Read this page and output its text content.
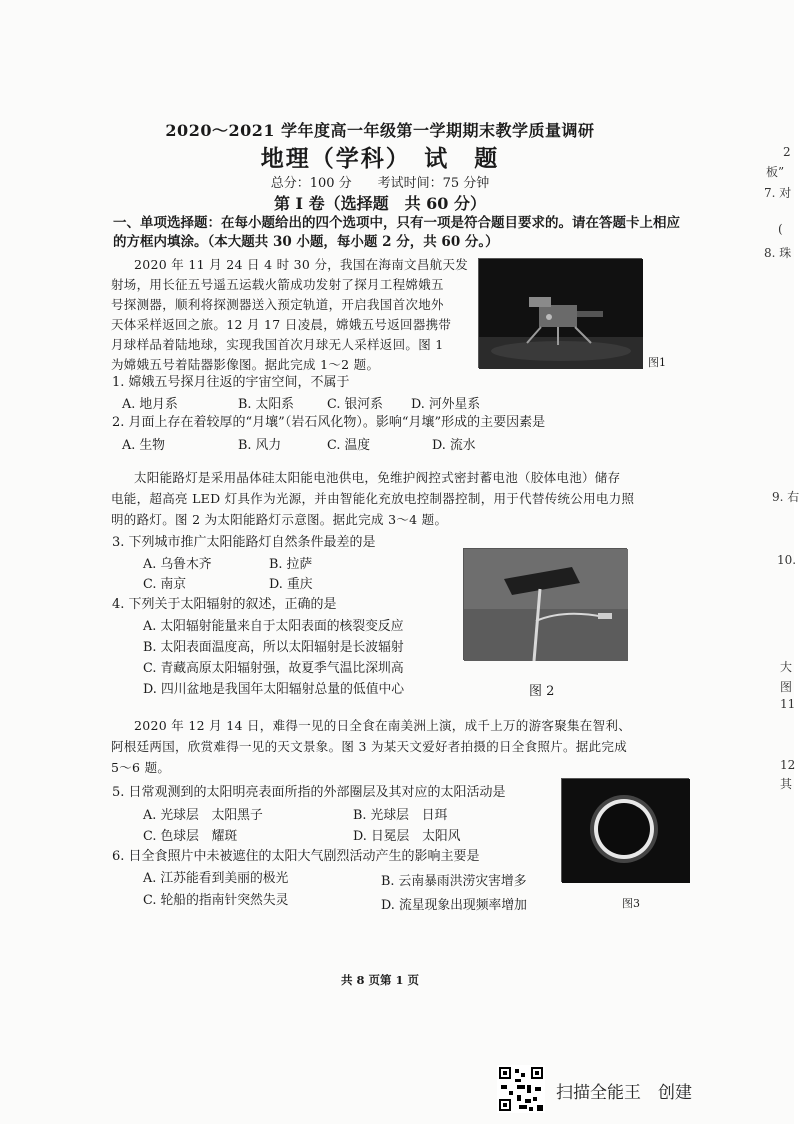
2020～2021 学年度高一年级第一学期期末教学质量调研
地理（学科）　试　题
总分：100 分　　考试时间：75 分钟
第 Ⅰ 卷（选择题　共 60 分）
一、单项选择题：在每小题给出的四个选项中，只有一项是符合题目要求的。请在答题卡上相应的方框内填涂。（本大题共 30 小题，每小题 2 分，共 60 分。）
2020 年 11 月 24 日 4 时 30 分，我国在海南文昌航天发
射场，用长征五号遥五运载火箭成功发射了探月工程嫦娥五
号探测器，顺利将探测器送入预定轨道，开启我国首次地外
天体采样返回之旅。12 月 17 日凌晨，嫦娥五号返回器携带
月球样品着陆地球，实现我国首次月球无人采样返回。图 1
为嫦娥五号着陆器影像图。据此完成 1～2 题。	图1
1. 嫦娥五号探月往返的宇宙空间，不属于
A. 地月系	B. 太阳系	C. 银河系 D. 河外星系
2. 月面上存在着较厚的“月壤”（岩石风化物）。影响“月壤”形成的主要因素是
A. 生物	B. 风力	C. 温度	D. 流水
太阳能路灯是采用晶体硅太阳能电池供电，免维护阀控式密封蓄电池（胶体电池）储存
电能，超高亮 LED 灯具作为光源，并由智能化充放电控制器控制，用于代替传统公用电力照
明的路灯。图 2 为太阳能路灯示意图。据此完成 3～4 题。
3. 下列城市推广太阳能路灯自然条件最差的是
A. 乌鲁木齐	B. 拉萨
C. 南京	D. 重庆
4. 下列关于太阳辐射的叙述，正确的是
A. 太阳辐射能量来自于太阳表面的核裂变反应
B. 太阳表面温度高，所以太阳辐射是长波辐射
C. 青藏高原太阳辐射强，故夏季气温比深圳高
D. 四川盆地是我国年太阳辐射总量的低值中心	图 2
2020 年 12 月 14 日，难得一见的日全食在南美洲上演，成千上万的游客聚集在智利、
阿根廷两国，欣赏难得一见的天文景象。图 3 为某天文爱好者拍摄的日全食照片。据此完成
5～6 题。
5. 日常观测到的太阳明亮表面所指的外部圈层及其对应的太阳活动是
A. 光球层　太阳黑子	B. 光球层　日珥
C. 色球层　耀斑	D. 日冕层　太阳风
6. 日全食照片中未被遮住的太阳大气剧烈活动产生的影响主要是
A. 江苏能看到美丽的极光	B. 云南暴雨洪涝灾害增多
C. 轮船的指南针突然失灵	D. 流星现象出现频率增加	图3
共 8 页第 1 页
2
板”
7. 对
(
8. 珠
9. 右
10.
大
图
11
12
其
扫描全能王　创建
